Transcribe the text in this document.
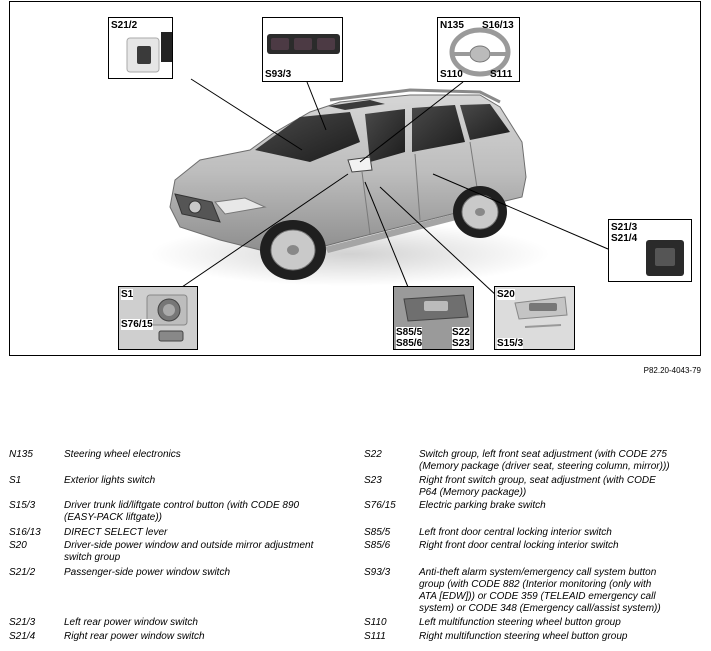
S21/2
S93/3
N135 S16/13
S110	S111
S21/3
S21/4
S1
S76/15
S85/5	S22
S85/6	S23
S20
S15/3
P82.20-4043-79
N135	Steering wheel electronics
S1	Exterior lights switch
S15/3	Driver trunk lid/liftgate control button (with CODE 890
(EASY-PACK liftgate))
S16/13	DIRECT SELECT lever
S20	Driver-side power window and outside mirror adjustment
switch group
S21/2	Passenger-side power window switch
S21/3	Left rear power window switch
S21/4	Right rear power window switch
S22	Switch group, left front seat adjustment (with CODE 275
(Memory package (driver seat, steering column, mirror)))
S23	Right front switch group, seat adjustment (with CODE
P64 (Memory package))
S76/15	Electric parking brake switch
S85/5	Left front door central locking interior switch
S85/6	Right front door central locking interior switch
S93/3	Anti-theft alarm system/emergency call system button
group (with CODE 882 (Interior monitoring (only with
ATA [EDW])) or CODE 359 (TELEAID emergency call
system) or CODE 348 (Emergency call/assist system))
S110	Left multifunction steering wheel button group
S111	Right multifunction steering wheel button group
